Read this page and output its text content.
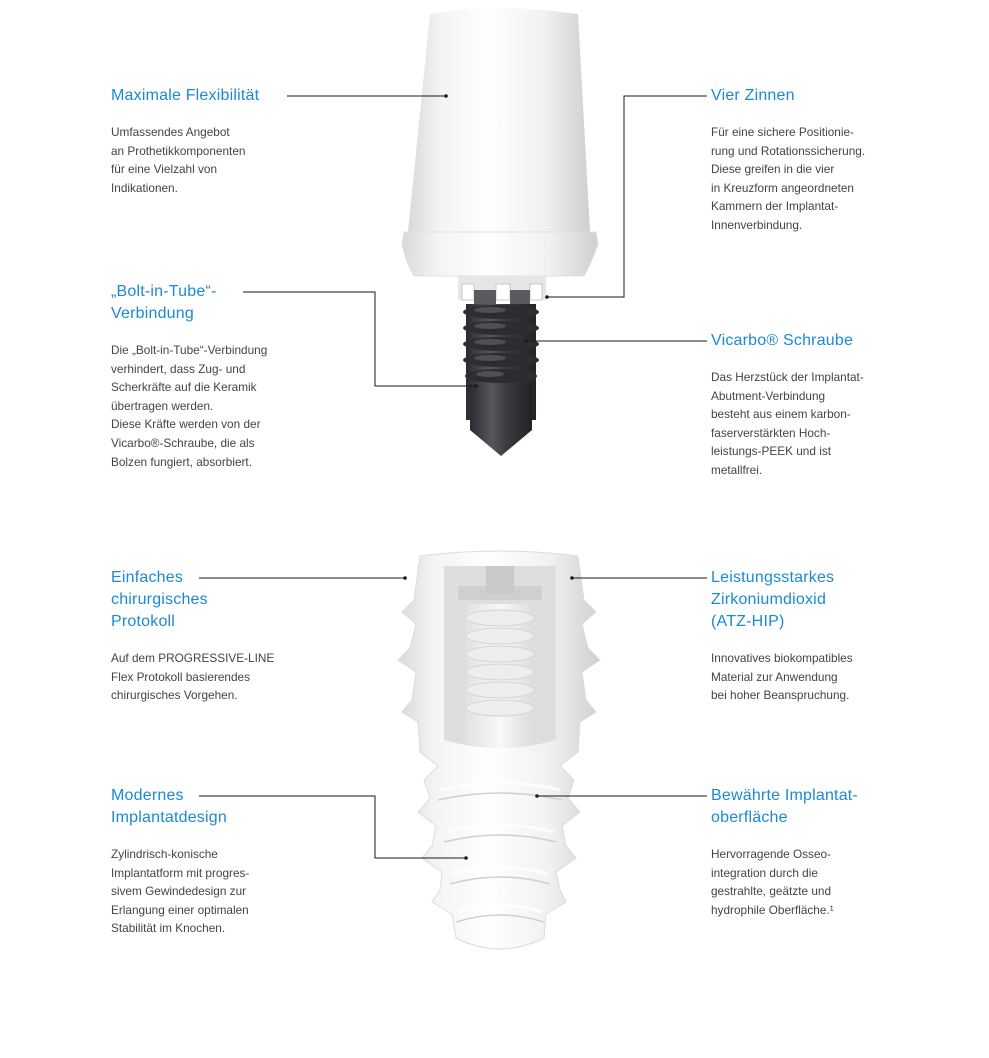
Maximale Flexibilität

Umfassendes Angebot
an Prothetikkomponenten
für eine Vielzahl von
Indikationen.

„Bolt-in-Tube“-
Verbindung

Die „Bolt-in-Tube“-Verbindung
verhindert, dass Zug- und
Scherkräfte auf die Keramik
übertragen werden.
Diese Kräfte werden von der
Vicarbo®-Schraube, die als
Bolzen fungiert, absorbiert.

Vier Zinnen

Für eine sichere Positionie-
rung und Rotationssicherung.
Diese greifen in die vier
in Kreuzform angeordneten
Kammern der Implantat-
Innenverbindung.

Vicarbo® Schraube

Das Herzstück der Implantat-
Abutment-Verbindung
besteht aus einem karbon-
faserverstärkten Hoch-
leistungs-PEEK und ist
metallfrei.

Einfaches
chirurgisches
Protokoll

Auf dem PROGRESSIVE-LINE
Flex Protokoll basierendes
chirurgisches Vorgehen.

Modernes
Implantatdesign

Zylindrisch-konische
Implantatform mit progres-
sivem Gewindedesign zur
Erlangung einer optimalen
Stabilität im Knochen.

Leistungsstarkes
Zirkoniumdioxid
(ATZ-HIP)

Innovatives biokompatibles
Material zur Anwendung
bei hoher Beanspruchung.

Bewährte Implantat-
oberfläche

Hervorragende Osseo-
integration durch die
gestrahlte, geätzte und
hydrophile Oberfläche.¹
